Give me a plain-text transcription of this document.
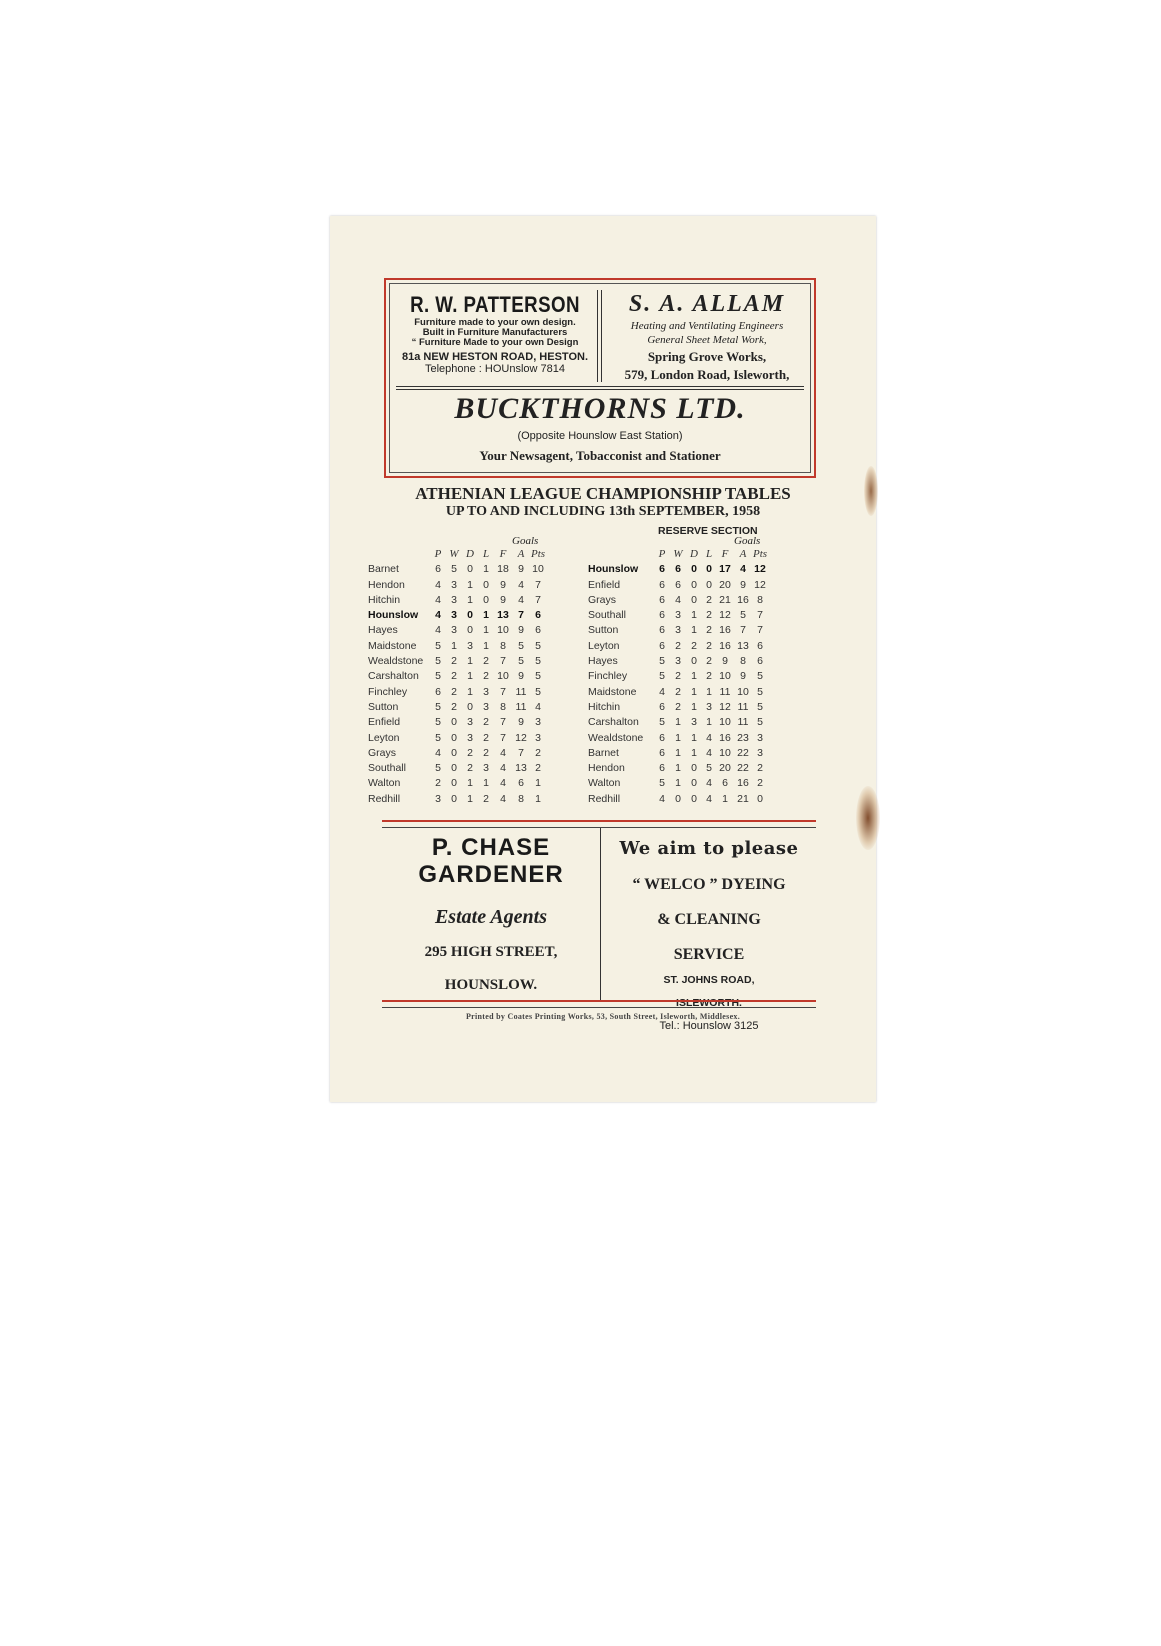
R. W. PATTERSON
Furniture made to your own design.
Built in Furniture Manufacturers
“ Furniture Made to your own Design
81a NEW HESTON ROAD, HESTON.
Telephone : HOUnslow 7814
S. A. ALLAM
Heating and Ventilating Engineers
General Sheet Metal Work,
Spring Grove Works,
579, London Road, Isleworth,
BUCKTHORNS LTD.
(Opposite Hounslow East Station)
Your Newsagent, Tobacconist and Stationer
ATHENIAN LEAGUE CHAMPIONSHIP TABLES
UP TO AND INCLUDING 13th SEPTEMBER, 1958
RESERVE SECTION
Goals	Goals
	P	W	D	L	F	A	Pts
Barnet	6	5	0	1	18	9	10
Hendon	4	3	1	0	9	4	7
Hitchin	4	3	1	0	9	4	7
Hounslow	4	3	0	1	13	7	6
Hayes	4	3	0	1	10	9	6
Maidstone	5	1	3	1	8	5	5
Wealdstone	5	2	1	2	7	5	5
Carshalton	5	2	1	2	10	9	5
Finchley	6	2	1	3	7	11	5
Sutton	5	2	0	3	8	11	4
Enfield	5	0	3	2	7	9	3
Leyton	5	0	3	2	7	12	3
Grays	4	0	2	2	4	7	2
Southall	5	0	2	3	4	13	2
Walton	2	0	1	1	4	6	1
Redhill	3	0	1	2	4	8	1
	P	W	D	L	F	A	Pts
Hounslow	6	6	0	0	17	4	12
Enfield	6	6	0	0	20	9	12
Grays	6	4	0	2	21	16	8
Southall	6	3	1	2	12	5	7
Sutton	6	3	1	2	16	7	7
Leyton	6	2	2	2	16	13	6
Hayes	5	3	0	2	9	8	6
Finchley	5	2	1	2	10	9	5
Maidstone	4	2	1	1	11	10	5
Hitchin	6	2	1	3	12	11	5
Carshalton	5	1	3	1	10	11	5
Wealdstone	6	1	1	4	16	23	3
Barnet	6	1	1	4	10	22	3
Hendon	6	1	0	5	20	22	2
Walton	5	1	0	4	6	16	2
Redhill	4	0	0	4	1	21	0
P. CHASE
GARDENER
Estate Agents
295 HIGH STREET,
HOUNSLOW.
We aim to please
“ WELCO ” DYEING
& CLEANING
SERVICE
ST. JOHNS ROAD,
ISLEWORTH.
Tel.: Hounslow 3125
Printed by Coates Printing Works, 53, South Street, Isleworth, Middlesex.
